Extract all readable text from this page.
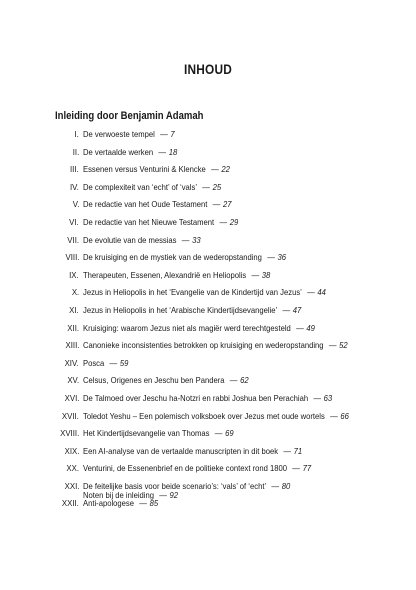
INHOUD
Inleiding door Benjamin Adamah
I. De verwoeste tempel — 7
II. De vertaalde werken — 18
III. Essenen versus Venturini & Klencke — 22
IV. De complexiteit van ‘echt’ of ‘vals’ — 25
V. De redactie van het Oude Testament — 27
VI. De redactie van het Nieuwe Testament — 29
VII. De evolutie van de messias — 33
VIII. De kruisiging en de mystiek van de wederopstanding — 36
IX. Therapeuten, Essenen, Alexandrië en Heliopolis — 38
X. Jezus in Heliopolis in het ‘Evangelie van de Kindertijd van Jezus’ — 44
XI. Jezus in Heliopolis in het ‘Arabische Kindertijdsevangelie’ — 47
XII. Kruisiging: waarom Jezus niet als magiër werd terechtgesteld — 49
XIII. Canonieke inconsistenties betrokken op kruisiging en wederopstanding — 52
XIV. Posca — 59
XV. Celsus, Origenes en Jeschu ben Pandera — 62
XVI. De Talmoed over Jeschu ha-Notzri en rabbi Joshua ben Perachiah — 63
XVII. Toledot Yeshu – Een polemisch volksboek over Jezus met oude wortels — 66
XVIII. Het Kindertijdsevangelie van Thomas — 69
XIX. Een AI-analyse van de vertaalde manuscripten in dit boek — 71
XX. Venturini, de Essenenbrief en de politieke context rond 1800 — 77
XXI. De feitelijke basis voor beide scenario’s: ‘vals’ of ‘echt’ — 80
XXII. Anti-apologese — 85
Noten bij de inleiding — 92
